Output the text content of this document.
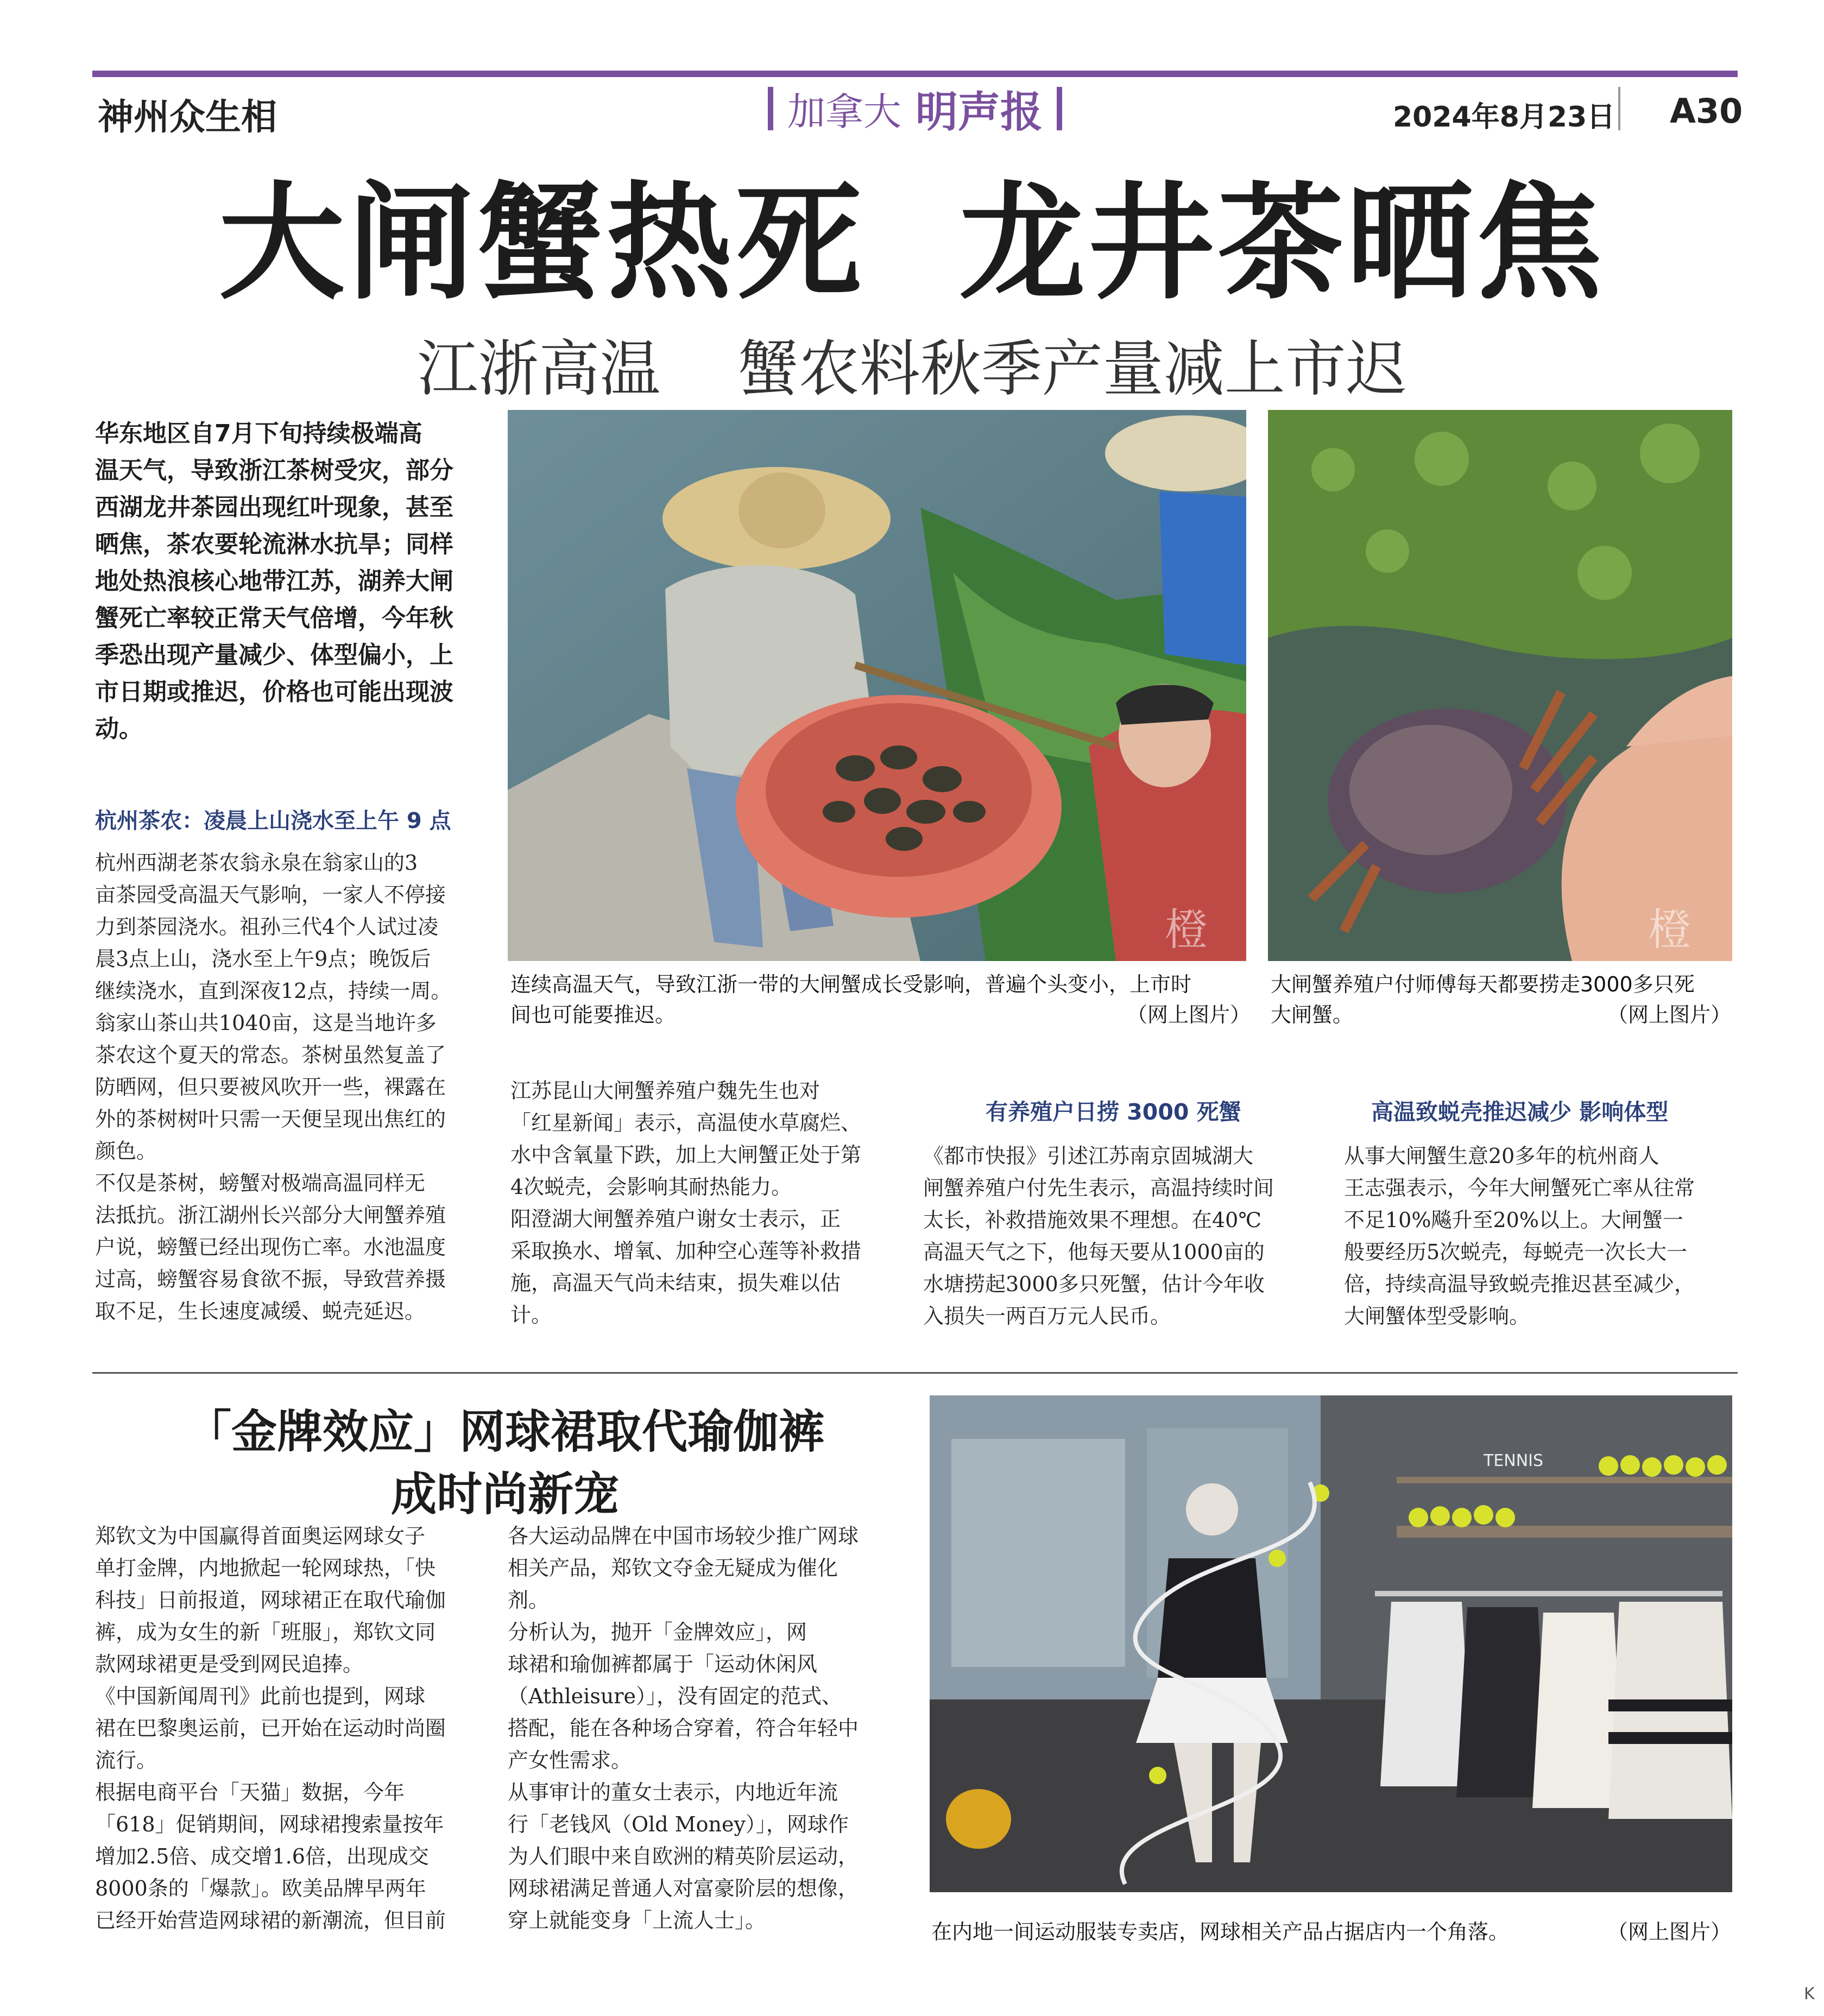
神州众生相	加拿大 明声报	2024年8月23日 A30
大闸蟹热死  龙井茶晒焦
江浙高温    蟹农料秋季产量减上市迟
华东地区自7月下旬持续极端高
温天气，导致浙江茶树受灾，部分
西湖龙井茶园出现红叶现象，甚至
晒焦，茶农要轮流淋水抗旱；同样
地处热浪核心地带江苏，湖养大闸
蟹死亡率较正常天气倍增，今年秋
季恐出现产量减少、体型偏小，上
市日期或推迟，价格也可能出现波
动。
杭州茶农：凌晨上山浇水至上午 9 点
杭州西湖老茶农翁永泉在翁家山的3
亩茶园受高温天气影响，一家人不停接
力到茶园浇水。祖孙三代4个人试过凌
晨3点上山，浇水至上午9点；晚饭后
继续浇水，直到深夜12点，持续一周。
翁家山茶山共1040亩，这是当地许多
茶农这个夏天的常态。茶树虽然复盖了
防晒网，但只要被风吹开一些，裸露在
外的茶树树叶只需一天便呈现出焦红的
颜色。
不仅是茶树，螃蟹对极端高温同样无
法抵抗。浙江湖州长兴部分大闸蟹养殖
户说，螃蟹已经出现伤亡率。水池温度
过高，螃蟹容易食欲不振，导致营养摄
取不足，生长速度减缓、蜕壳延迟。
橙
连续高温天气，导致江浙一带的大闸蟹成长受影响，普遍个头变小，上市时
间也可能要推迟。	（网上图片）
橙
大闸蟹养殖户付师傅每天都要捞走3000多只死
大闸蟹。	（网上图片）
江苏昆山大闸蟹养殖户魏先生也对
「红星新闻」表示，高温使水草腐烂、
水中含氧量下跌，加上大闸蟹正处于第
4次蜕壳，会影响其耐热能力。
阳澄湖大闸蟹养殖户谢女士表示，正
采取换水、增氧、加种空心莲等补救措
施，高温天气尚未结束，损失难以估
计。
有养殖户日捞 3000 死蟹
《都市快报》引述江苏南京固城湖大
闸蟹养殖户付先生表示，高温持续时间
太长，补救措施效果不理想。在40℃
高温天气之下，他每天要从1000亩的
水塘捞起3000多只死蟹，估计今年收
入损失一两百万元人民币。
高温致蜕壳推迟减少 影响体型
从事大闸蟹生意20多年的杭州商人
王志强表示，今年大闸蟹死亡率从往常
不足10%飚升至20%以上。大闸蟹一
般要经历5次蜕壳，每蜕壳一次长大一
倍，持续高温导致蜕壳推迟甚至减少，
大闸蟹体型受影响。
「金牌效应」网球裙取代瑜伽裤
成时尚新宠
郑钦文为中国赢得首面奥运网球女子
单打金牌，内地掀起一轮网球热，「快
科技」日前报道，网球裙正在取代瑜伽
裤，成为女生的新「班服」，郑钦文同
款网球裙更是受到网民追捧。
《中国新闻周刊》此前也提到，网球
裙在巴黎奥运前，已开始在运动时尚圈
流行。
根据电商平台「天猫」数据，今年
「618」促销期间，网球裙搜索量按年
增加2.5倍、成交增1.6倍，出现成交
8000条的「爆款」。欧美品牌早两年
已经开始营造网球裙的新潮流，但目前
各大运动品牌在中国市场较少推广网球
相关产品，郑钦文夺金无疑成为催化
剂。
分析认为，抛开「金牌效应」，网
球裙和瑜伽裤都属于「运动休闲风
（Athleisure）」，没有固定的范式、
搭配，能在各种场合穿着，符合年轻中
产女性需求。
从事审计的董女士表示，内地近年流
行「老钱风（Old Money）」，网球作
为人们眼中来自欧洲的精英阶层运动，
网球裙满足普通人对富豪阶层的想像，
穿上就能变身「上流人士」。
TENNIS
在内地一间运动服装专卖店，网球相关产品占据店内一个角落。	（网上图片）
K
